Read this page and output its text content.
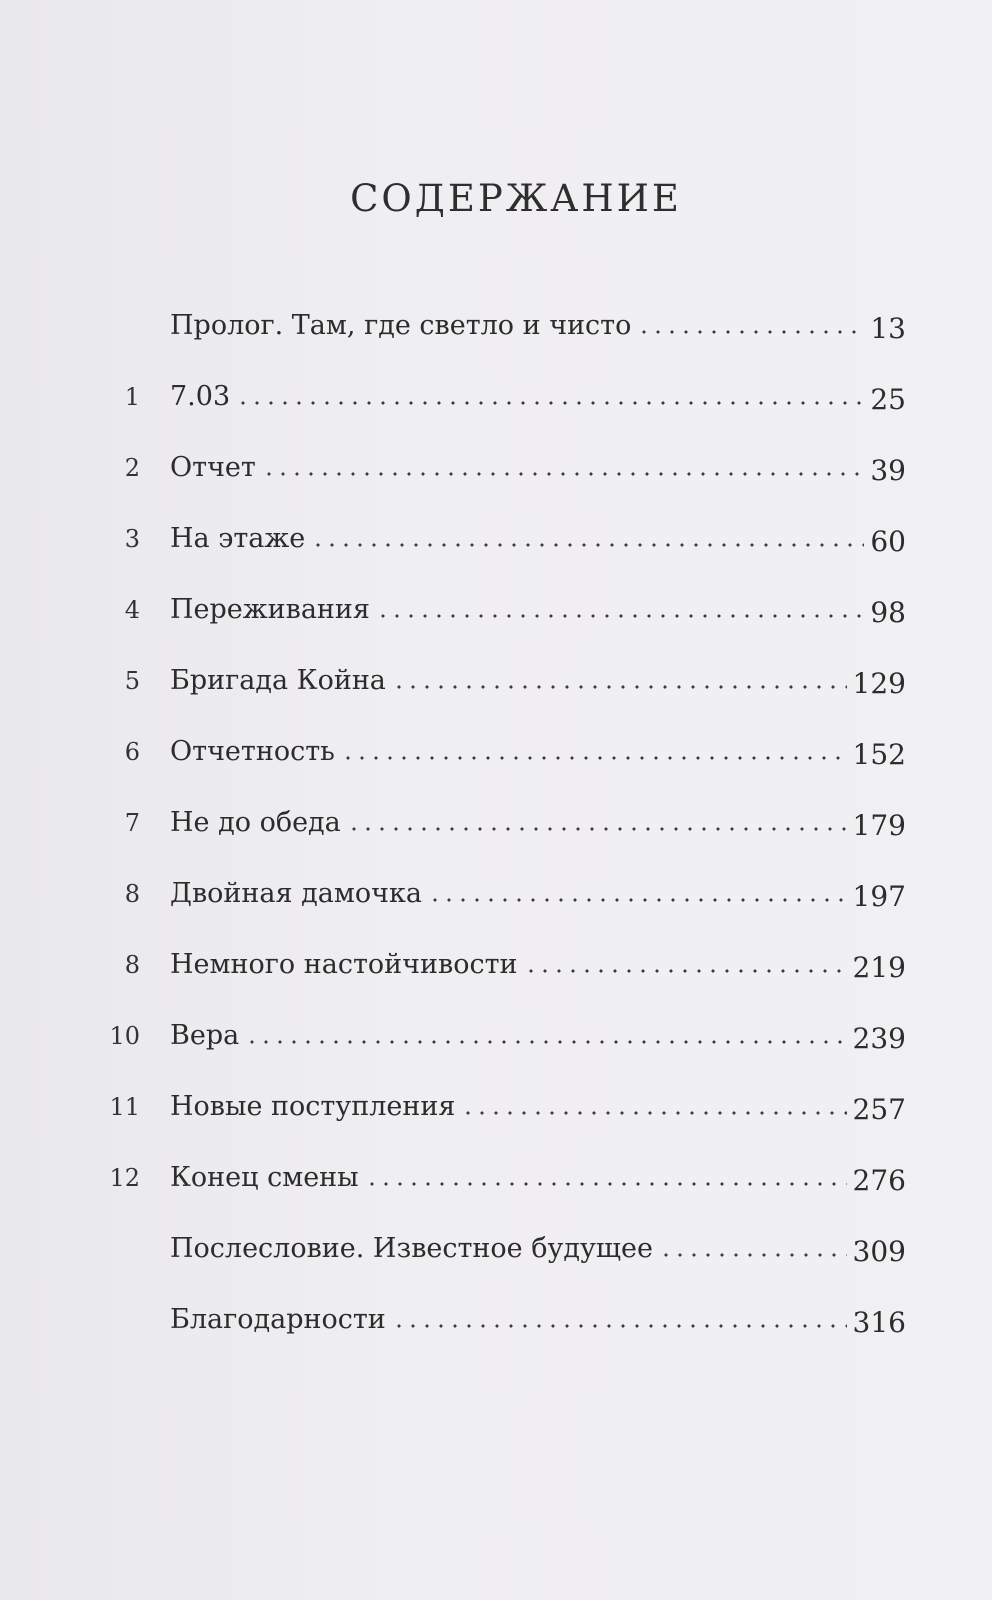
СОДЕРЖАНИЕ
Пролог. Там, где светло и чисто	13
1 7.03	25
2 Отчет	39
3 На этаже	60
4 Переживания	98
5 Бригада Койна	129
6 Отчетность	152
7 Не до обеда	179
8 Двойная дамочка	197
8 Немного настойчивости	219
10 Вера	239
11 Новые поступления	257
12 Конец смены	276
Послесловие. Известное будущее	309
Благодарности	316
